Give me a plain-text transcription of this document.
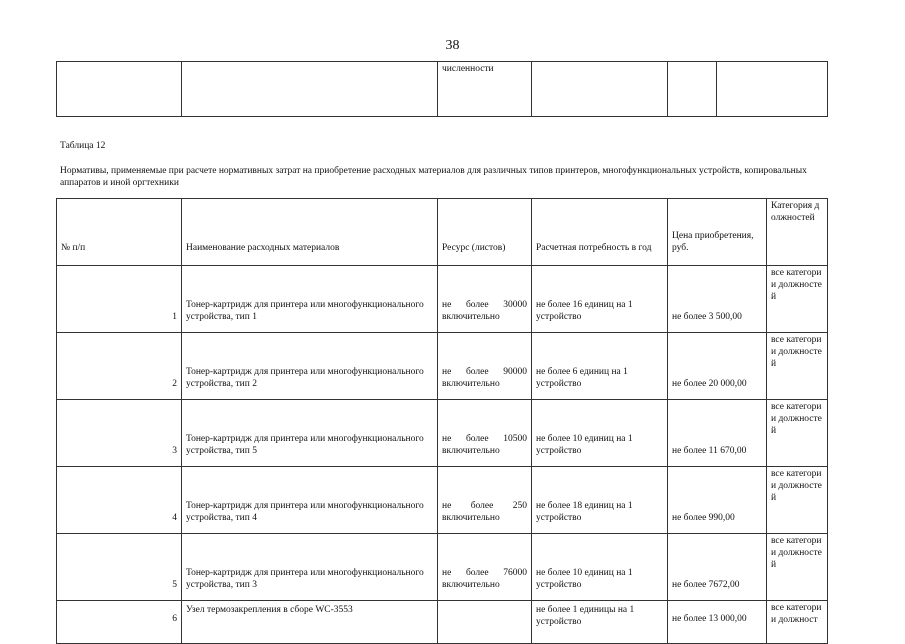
38
		численности			
Таблица 12
Нормативы, применяемые при расчете нормативных затрат на приобретение расходных материалов для различных типов принтеров, многофункциональных устройств, копировальных аппаратов и иной оргтехники
№ п/п	Наименование расходных материалов	Ресурс (листов)	Расчетная потребность в год	Цена приобретения, руб.	Категория должностей
1	Тонер-картридж для принтера или многофункционального устройства, тип 1	не более 30000 включительно	не более 16 единиц на 1 устройство	не более 3 500,00	все категории должностей
2	Тонер-картридж для принтера или многофункционального устройства, тип 2	не более 90000 включительно	не более 6 единиц на 1 устройство	не более 20 000,00	все категории должностей
3	Тонер-картридж для принтера или многофункционального устройства, тип 5	не более 10500 включительно	не более 10 единиц на 1 устройство	не более 11 670,00	все категории должностей
4	Тонер-картридж для принтера или многофункционального устройства, тип 4	не более 250 включительно	не более 18 единиц на 1 устройство	не более 990,00	все категории должностей
5	Тонер-картридж для принтера или многофункционального устройства, тип 3	не более 76000 включительно	не более 10 единиц на 1 устройство	не более 7672,00	все категории должностей
6	Узел термозакрепления в сборе WC-3553		не более 1 единицы на 1 устройство	не более 13 000,00	все категории должност
